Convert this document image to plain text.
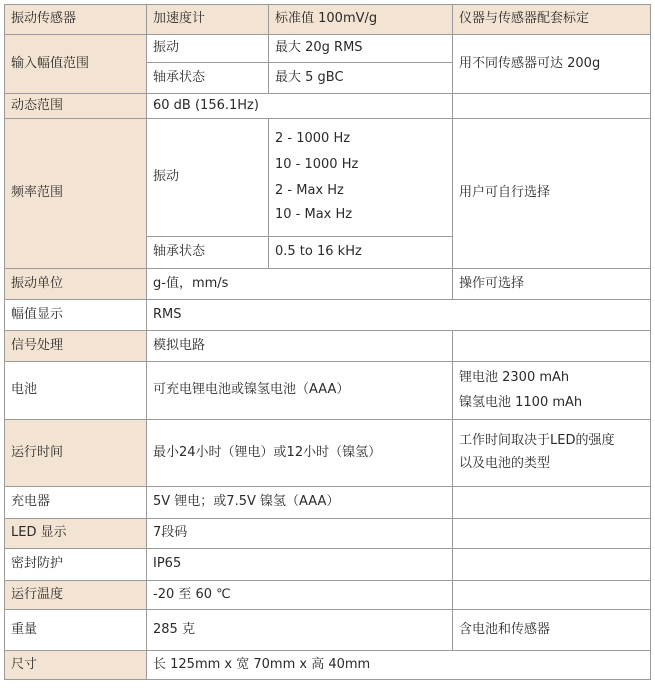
振动传感器	加速度计	标准值 100mV/g	仪器与传感器配套标定
输入幅值范围	振动	最大 20g RMS	用不同传感器可达 200g
	轴承状态	最大 5 gBC	
动态范围	60 dB (156.1Hz)		
频率范围	振动	2 - 1000 Hz
10 - 1000 Hz
2 - Max Hz
10 - Max Hz	用户可自行选择
	轴承状态	0.5 to 16 kHz	
振动单位	g-值，mm/s		操作可选择
幅值显示	RMS		
信号处理	模拟电路		
电池	可充电锂电池或镍氢电池（AAA）		锂电池 2300 mAh
镍氢电池 1100 mAh

运行时间	最小24小时（锂电）或12小时（镍氢）		工作时间取决于LED的强度
以及电池的类型

充电器	5V 锂电；或7.5V 镍氢（AAA）		
LED 显示	7段码		
密封防护	IP65		
运行温度	-20 至 60 ℃		
重量	285 克		含电池和传感器
尺寸	长 125mm x 宽 70mm x 高 40mm		
